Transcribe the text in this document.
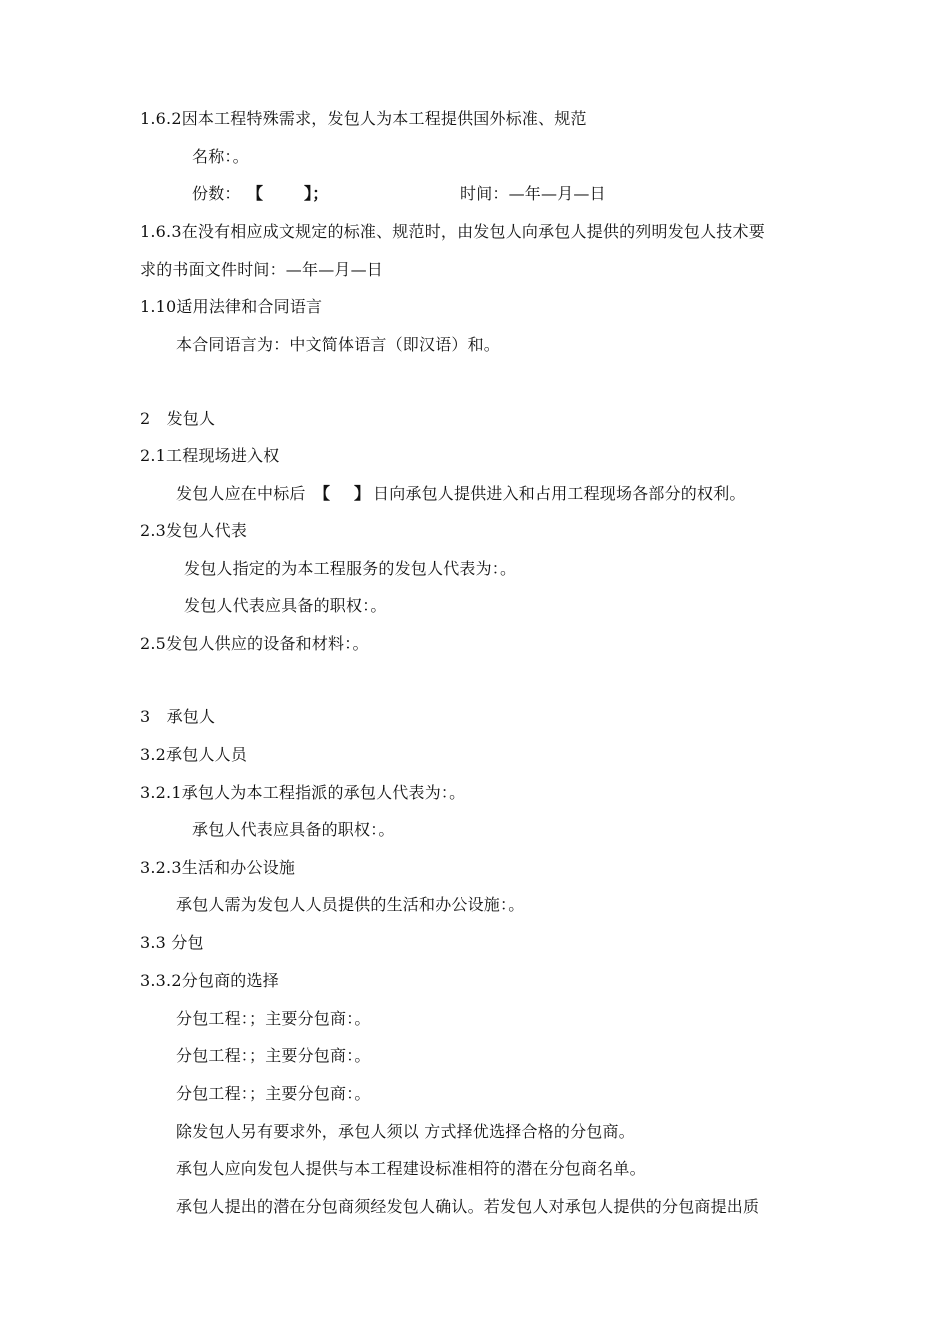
1.6.2因本工程特殊需求，发包人为本工程提供国外标准、规范
名称：。
份数： 【	】；	时间：—年—月—日
1.6.3在没有相应成文规定的标准、规范时，由发包人向承包人提供的列明发包人技术要
求的书面文件时间：—年—月—日
1.10适用法律和合同语言
本合同语言为：中文简体语言（即汉语）和。
2　发包人
2.1工程现场进入权
发包人应在中标后 【 】 日向承包人提供进入和占用工程现场各部分的权利。
2.3发包人代表
发包人指定的为本工程服务的发包人代表为：。
发包人代表应具备的职权：。
2.5发包人供应的设备和材料：。
3　承包人
3.2承包人人员
3.2.1承包人为本工程指派的承包人代表为：。
承包人代表应具备的职权：。
3.2.3生活和办公设施
承包人需为发包人人员提供的生活和办公设施：。
3.3 分包
3.3.2分包商的选择
分包工程：；主要分包商：。
分包工程：；主要分包商：。
分包工程：；主要分包商：。
除发包人另有要求外，承包人须以 方式择优选择合格的分包商。
承包人应向发包人提供与本工程建设标准相符的潜在分包商名单。
承包人提出的潜在分包商须经发包人确认。若发包人对承包人提供的分包商提出质
